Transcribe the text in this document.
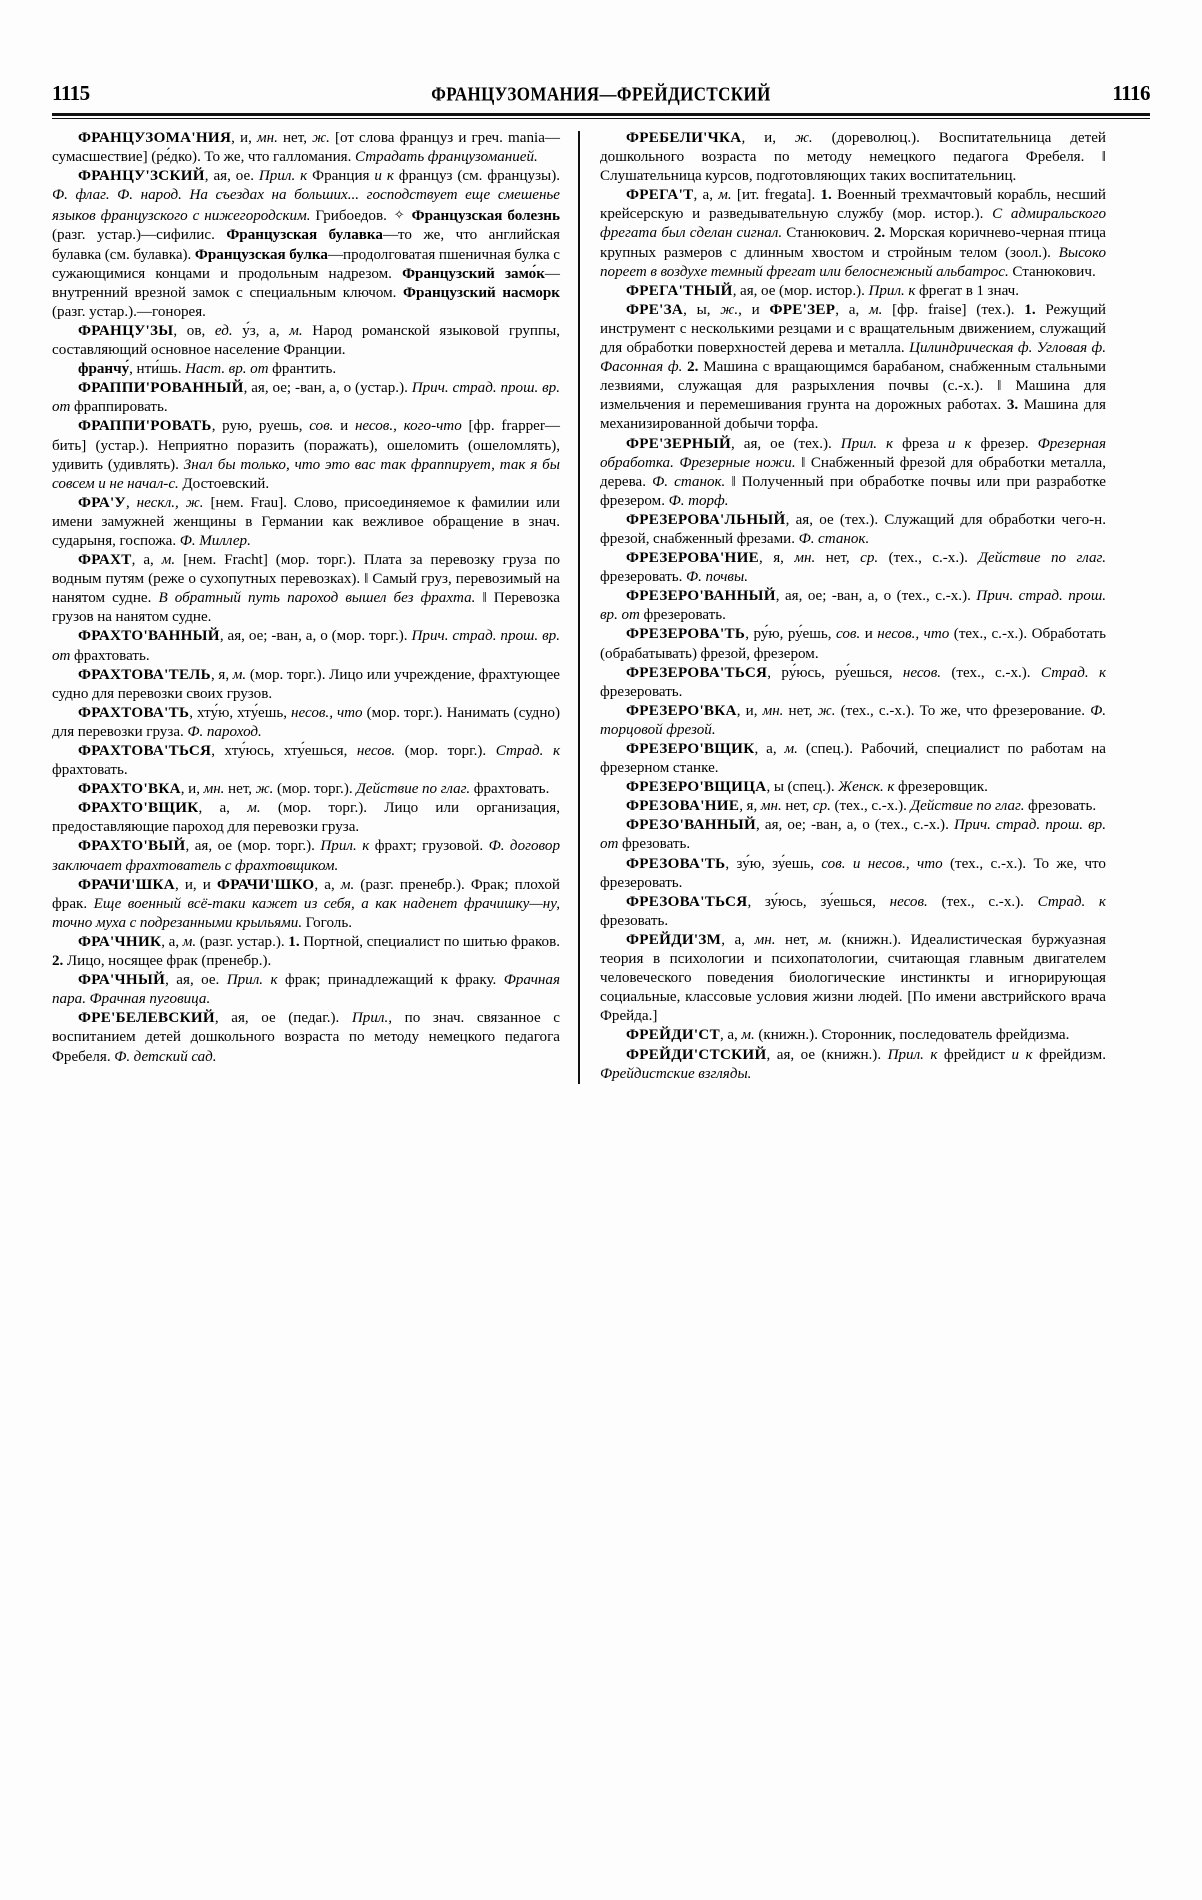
1115	ФРАНЦУЗОМАНИЯ—ФРЕЙДИСТСКИЙ	1116

ФРАНЦУЗОМА'НИЯ, и, мн. нет, ж. [от слова француз и греч. mania—сумасшествие] (ре́дко). То же, что галломания. Страдать французоманией.

ФРАНЦУ'ЗСКИЙ, ая, ое. Прил. к Франция и к француз (см. французы). Ф. флаг. Ф. народ. На съездах на больших... господствует еще смешенье языков французского с нижегородским. Грибоедов. ✧ Французская болезнь (разг. устар.)—сифилис. Французская булавка—то же, что английская булавка (см. булавка). Французская булка—продолговатая пшеничная булка с сужающимися концами и продольным надрезом. Французский замо́к—внутренний врезной замок с специальным ключом. Французский насморк (разг. устар.).—гонорея.

ФРАНЦУ'ЗЫ, ов, ед. у́з, а, м. Народ романской языковой группы, составляющий основное население Франции.

франчу́, нти́шь. Наст. вр. от франтить.

ФРАППИ'РОВАННЫЙ, ая, ое; -ван, а, о (устар.). Прич. страд. прош. вр. от фраппировать.

ФРАППИ'РОВАТЬ, рую, руешь, сов. и несов., кого-что [фр. frapper—бить] (устар.). Неприятно поразить (поражать), ошеломить (ошеломлять), удивить (удивлять). Знал бы только, что это вас так фраппирует, так я бы совсем и не начал-с. Достоевский.

ФРА'У, нескл., ж. [нем. Frau]. Слово, присоединяемое к фамилии или имени замужней женщины в Германии как вежливое обращение в знач. сударыня, госпожа. Ф. Миллер.

ФРАХТ, а, м. [нем. Fracht] (мор. торг.). Плата за перевозку груза по водным путям (реже о сухопутных перевозках). ǁ Самый груз, перевозимый на нанятом судне. В обратный путь пароход вышел без фрахта. ǁ Перевозка грузов на нанятом судне.

ФРАХТО'ВАННЫЙ, ая, ое; -ван, а, о (мор. торг.). Прич. страд. прош. вр. от фрахтовать.

ФРАХТОВА'ТЕЛЬ, я, м. (мор. торг.). Лицо или учреждение, фрахтующее судно для перевозки своих грузов.

ФРАХТОВА'ТЬ, хту́ю, хту́ешь, несов., что (мор. торг.). Нанимать (судно) для перевозки груза. Ф. пароход.

ФРАХТОВА'ТЬСЯ, хту́юсь, хту́ешься, несов. (мор. торг.). Страд. к фрахтовать.

ФРАХТО'ВКА, и, мн. нет, ж. (мор. торг.). Действие по глаг. фрахтовать.

ФРАХТО'ВЩИК, а, м. (мор. торг.). Лицо или организация, предоставляющие пароход для перевозки груза.

ФРАХТО'ВЫЙ, ая, ое (мор. торг.). Прил. к фрахт; грузовой. Ф. договор заключает фрахтователь с фрахтовщиком.

ФРАЧИ'ШКА, и, и ФРАЧИ'ШКО, а, м. (разг. пренебр.). Фрак; плохой фрак. Еще военный всё-таки кажет из себя, а как наденет фрачишку—ну, точно муха с подрезанными крыльями. Гоголь.

ФРА'ЧНИК, а, м. (разг. устар.). 1. Портной, специалист по шитью фраков. 2. Лицо, носящее фрак (пренебр.).

ФРА'ЧНЫЙ, ая, ое. Прил. к фрак; принадлежащий к фраку. Фрачная пара. Фрачная пуговица.

ФРЕ'БЕЛЕВСКИЙ, ая, ое (педаг.). Прил., по знач. связанное с воспитанием детей дошкольного возраста по методу немецкого педагога Фребеля. Ф. детский сад.

ФРЕБЕЛИ'ЧКА, и, ж. (дореволюц.). Воспитательница детей дошкольного возраста по методу немецкого педагога Фребеля. ǁ Слушательница курсов, подготовляющих таких воспитательниц.

ФРЕГА'Т, а, м. [ит. fregata]. 1. Военный трехмачтовый корабль, несший крейсерскую и разведывательную службу (мор. истор.). С адмиральского фрегата был сделан сигнал. Станюкович. 2. Морская коричнево-черная птица крупных размеров с длинным хвостом и стройным телом (зоол.). Высоко пореет в воздухе темный фрегат или белоснежный альбатрос. Станюкович.

ФРЕГА'ТНЫЙ, ая, ое (мор. истор.). Прил. к фрегат в 1 знач.

ФРЕ'ЗА, ы, ж., и ФРЕ'ЗЕР, а, м. [фр. fraise] (тех.). 1. Режущий инструмент с несколькими резцами и с вращательным движением, служащий для обработки поверхностей дерева и металла. Цилиндрическая ф. Угловая ф. Фасонная ф. 2. Машина с вращающимся барабаном, снабженным стальными лезвиями, служащая для разрыхления почвы (с.-х.). ǁ Машина для измельчения и перемешивания грунта на дорожных работах. 3. Машина для механизированной добычи торфа.

ФРЕ'ЗЕРНЫЙ, ая, ое (тех.). Прил. к фреза и к фрезер. Фрезерная обработка. Фрезерные ножи. ǁ Снабженный фрезой для обработки металла, дерева. Ф. станок. ǁ Полученный при обработке почвы или при разработке фрезером. Ф. торф.

ФРЕЗЕРОВА'ЛЬНЫЙ, ая, ое (тех.). Служащий для обработки чего-н. фрезой, снабженный фрезами. Ф. станок.

ФРЕЗЕРОВА'НИЕ, я, мн. нет, ср. (тех., с.-х.). Действие по глаг. фрезеровать. Ф. почвы.

ФРЕЗЕРО'ВАННЫЙ, ая, ое; -ван, а, о (тех., с.-х.). Прич. страд. прош. вр. от фрезеровать.

ФРЕЗЕРОВА'ТЬ, ру́ю, ру́ешь, сов. и несов., что (тех., с.-х.). Обработать (обрабатывать) фрезой, фрезером.

ФРЕЗЕРОВА'ТЬСЯ, ру́юсь, ру́ешься, несов. (тех., с.-х.). Страд. к фрезеровать.

ФРЕЗЕРО'ВКА, и, мн. нет, ж. (тех., с.-х.). То же, что фрезерование. Ф. торцовой фрезой.

ФРЕЗЕРО'ВЩИК, а, м. (спец.). Рабочий, специалист по работам на фрезерном станке.

ФРЕЗЕРО'ВЩИЦА, ы (спец.). Женск. к фрезеровщик.

ФРЕЗОВА'НИЕ, я, мн. нет, ср. (тех., с.-х.). Действие по глаг. фрезовать.

ФРЕЗО'ВАННЫЙ, ая, ое; -ван, а, о (тех., с.-х.). Прич. страд. прош. вр. от фрезовать.

ФРЕЗОВА'ТЬ, зу́ю, зу́ешь, сов. и несов., что (тех., с.-х.). То же, что фрезеровать.

ФРЕЗОВА'ТЬСЯ, зу́юсь, зу́ешься, несов. (тех., с.-х.). Страд. к фрезовать.

ФРЕЙДИ'ЗМ, а, мн. нет, м. (книжн.). Идеалистическая буржуазная теория в психологии и психопатологии, считающая главным двигателем человеческого поведения биологические инстинкты и игнорирующая социальные, классовые условия жизни людей. [По имени австрийского врача Фрейда.]

ФРЕЙДИ'СТ, а, м. (книжн.). Сторонник, последователь фрейдизма.

ФРЕЙДИ'СТСКИЙ, ая, ое (книжн.). Прил. к фрейдист и к фрейдизм. Фрейдистские взгляды.
